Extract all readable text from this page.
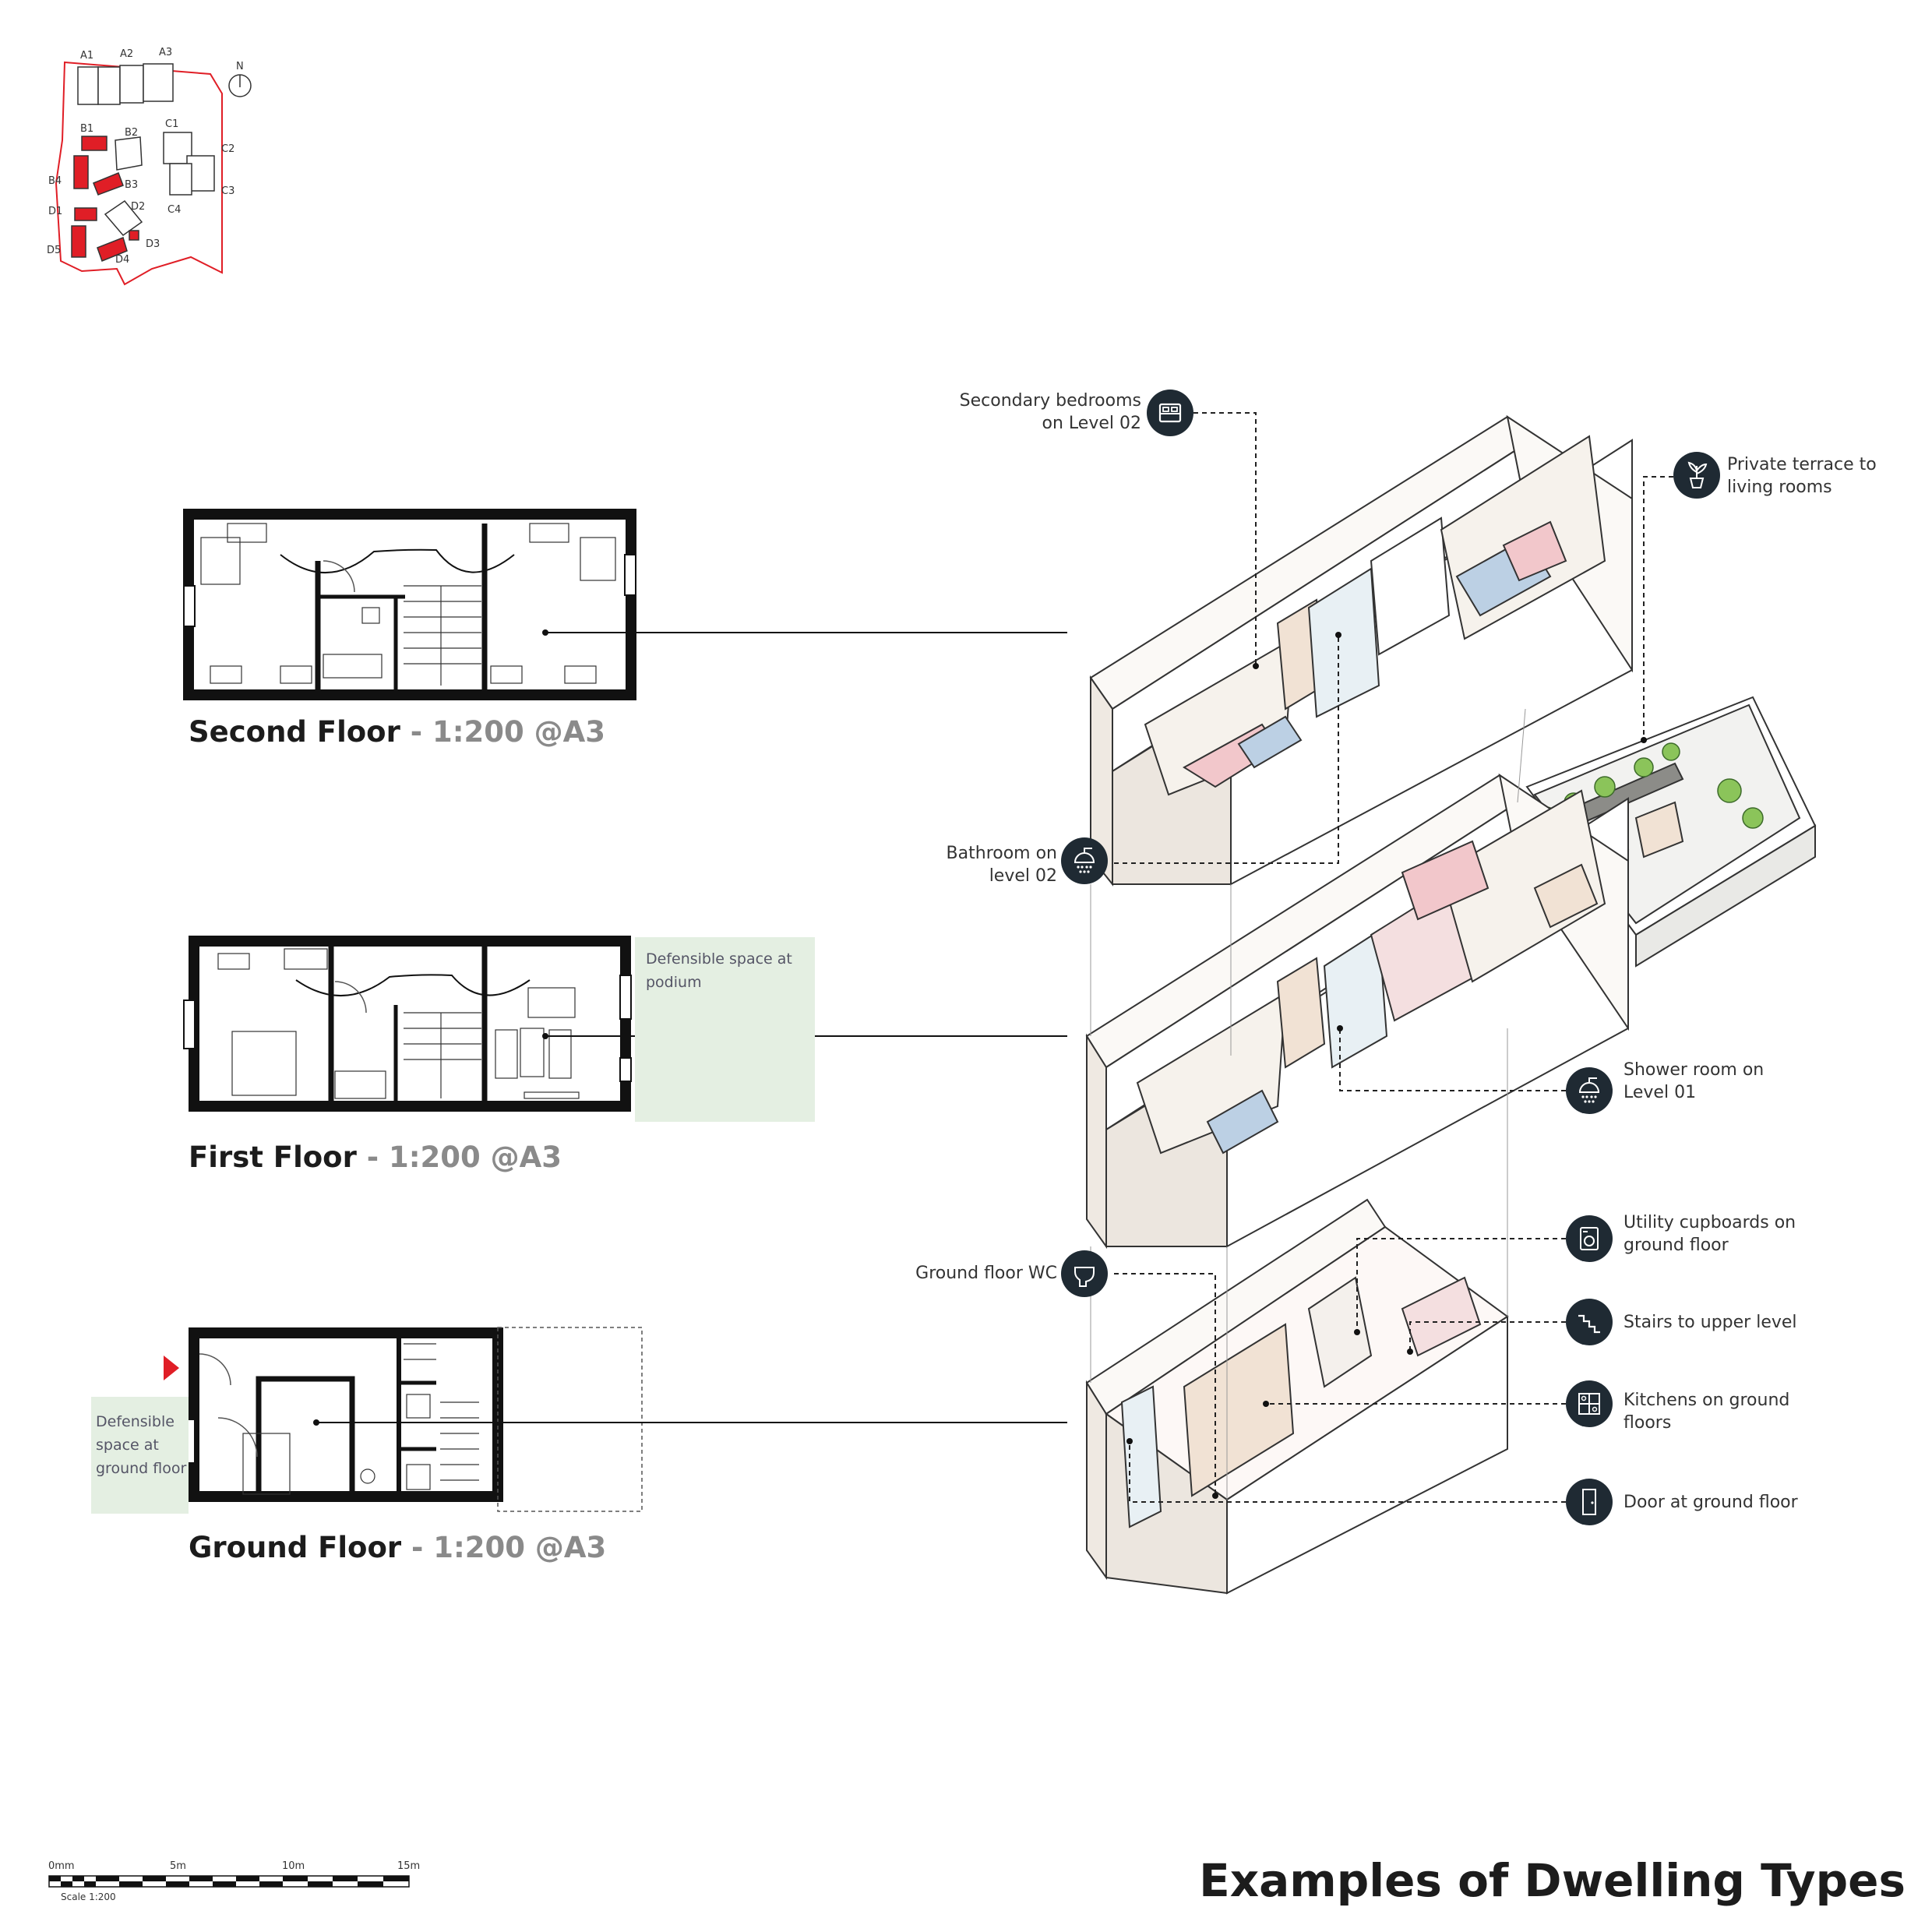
A1	A2	A3
B1	B2
B3
B4
C1
C2
C3
C4
D1	D2
D3
D4
D5
N
Defensible space at
podium
Defensible
space at
ground floor
Second Floor - 1:200 @A3
First Floor - 1:200 @A3
Ground Floor - 1:200 @A3
Secondary bedrooms
on Level 02
Private terrace to
living rooms
Bathroom on
level 02
Shower room on
Level 01
Utility cupboards on
ground floor
Ground floor WC
Stairs to upper level
Kitchens on ground
floors
Door at ground floor
0mm	5m	10m	15m
Scale 1:200	Examples of Dwelling Types
